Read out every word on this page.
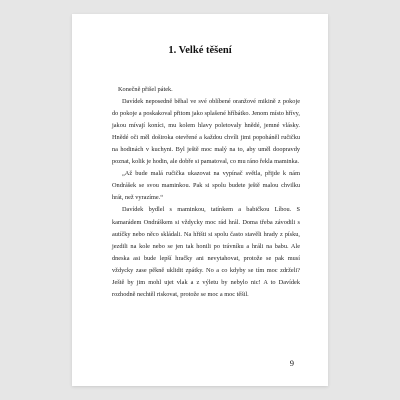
1. Velké těšení

Konečně přišel pátek.

Davídek neposedně běhal ve své oblíbené oranžové mikině z pokoje do pokoje a poskakoval přitom jako splašené hříbátko. Jenom místo hřívy, jakou mívají koníci, mu kolem hlavy poletovaly hnědé, jemné vlásky. Hnědé oči měl doširoka otevřené a každou chvíli jimi popoháněl ručičku na hodinách v kuchyni. Byl ještě moc malý na to, aby uměl doopravdy poznat, kolik je hodin, ale dobře si pamatoval, co mu ráno řekla maminka.

„Až bude malá ručička ukazovat na vypínač světla, přijde k nám Ondrášek se svou maminkou. Pak si spolu budete ještě malou chvilku hrát, než vyrazíme.“

Davídek bydlel s maminkou, tatínkem a babičkou Líbou. S kamarádem Ondráškem si vždycky moc rád hrál. Doma třeba závodili s autíčky nebo něco skládali. Na hřišti si spolu často stavěli hrady z písku, jezdili na kole nebo se jen tak honili po trávníku a hráli na babu. Ale dneska asi bude lepší hračky ani nevytahovat, protože se pak musí vždycky zase pěkně uklidit zpátky. No a co kdyby se tím moc zdrželi? Ještě by jim mohl ujet vlak a z výletu by nebylo nic! A to Davídek rozhodně nechtěl riskovat, protože se moc a moc těšil.

9
